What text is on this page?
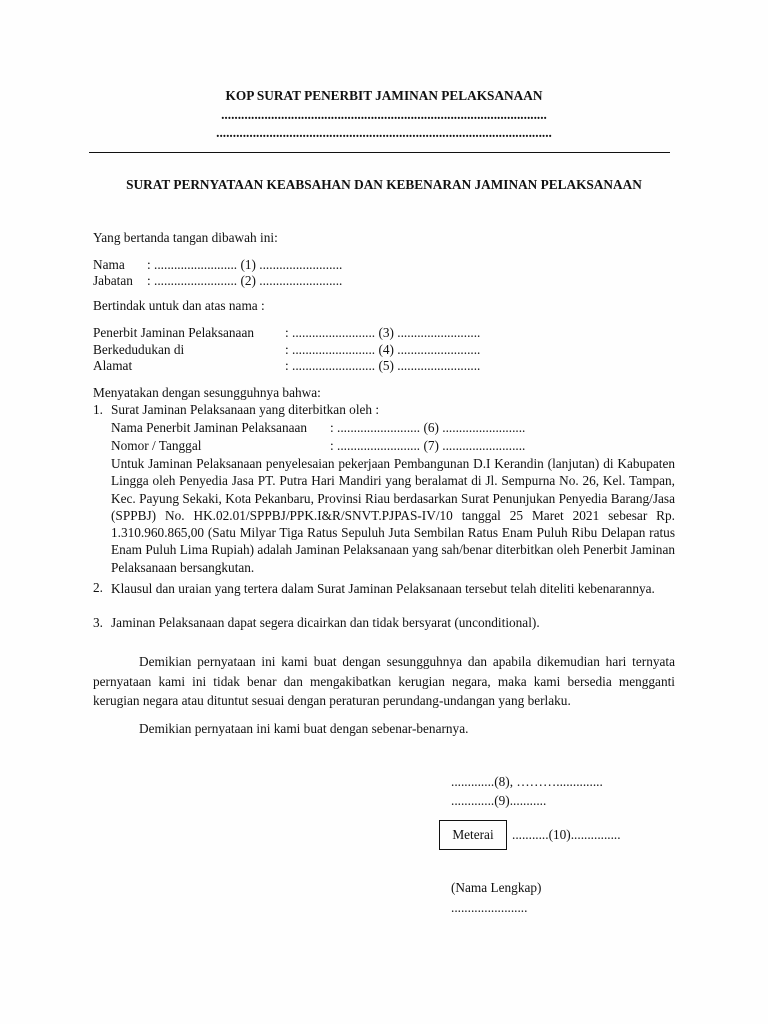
KOP SURAT PENERBIT JAMINAN PELAKSANAAN
..................................................................................................
.....................................................................................................
SURAT PERNYATAAN KEABSAHAN DAN KEBENARAN JAMINAN PELAKSANAAN
Yang bertanda tangan dibawah ini:
Nama : ......................... (1) .........................
Jabatan : ......................... (2) .........................
Bertindak untuk dan atas nama :
Penerbit Jaminan Pelaksanaan : ......................... (3) .........................
Berkedudukan di	: ......................... (4) .........................
Alamat	: ......................... (5) .........................
Menyatakan dengan sesungguhnya bahwa:
1. Surat Jaminan Pelaksanaan yang diterbitkan oleh :
Nama Penerbit Jaminan Pelaksanaan : ......................... (6) .........................
Nomor / Tanggal	: ......................... (7) .........................
Untuk Jaminan Pelaksanaan penyelesaian pekerjaan Pembangunan D.I Kerandin (lanjutan) di Kabupaten Lingga oleh Penyedia Jasa PT. Putra Hari Mandiri yang beralamat di Jl. Sempurna No. 26, Kel. Tampan, Kec. Payung Sekaki, Kota Pekanbaru, Provinsi Riau berdasarkan Surat Penunjukan Penyedia Barang/Jasa (SPPBJ) No. HK.02.01/SPPBJ/PPK.I&R/SNVT.PJPAS-IV/10 tanggal 25 Maret 2021 sebesar Rp. 1.310.960.865,00 (Satu Milyar Tiga Ratus Sepuluh Juta Sembilan Ratus Enam Puluh Ribu Delapan ratus Enam Puluh Lima Rupiah) adalah Jaminan Pelaksanaan yang sah/benar diterbitkan oleh Penerbit Jaminan Pelaksanaan bersangkutan.
2. Klausul dan uraian yang tertera dalam Surat Jaminan Pelaksanaan tersebut telah diteliti kebenarannya.
3. Jaminan Pelaksanaan dapat segera dicairkan dan tidak bersyarat (unconditional).
Demikian pernyataan ini kami buat dengan sesungguhnya dan apabila dikemudian hari ternyata pernyataan kami ini tidak benar dan mengakibatkan kerugian negara, maka kami bersedia mengganti kerugian negara atau dituntut sesuai dengan peraturan perundang-undangan yang berlaku.
Demikian pernyataan ini kami buat dengan sebenar-benarnya.
.............(8), ………..............
.............(9)...........
Meterai	...........(10)...............
(Nama Lengkap)
.......................
